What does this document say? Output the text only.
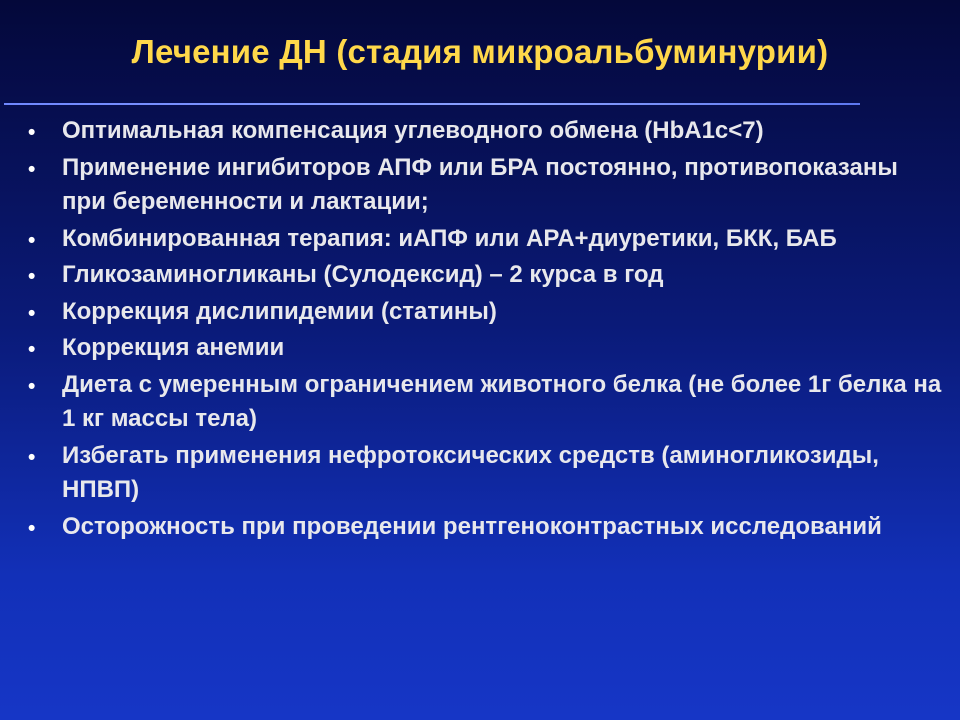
Лечение ДН (стадия микроальбуминурии)
• Оптимальная компенсация углеводного обмена (HbA1c<7)
• Применение ингибиторов АПФ или БРА постоянно, противопоказаны при беременности и лактации;
• Комбинированная терапия: иАПФ или АРА+диуретики, БКК, БАБ
• Гликозаминогликаны (Сулодексид) – 2 курса в год
• Коррекция дислипидемии (статины)
• Коррекция анемии
• Диета с умеренным ограничением животного белка (не более 1г белка на 1 кг массы тела)
• Избегать применения нефротоксических средств (аминогликозиды, НПВП)
• Осторожность при проведении рентгеноконтрастных исследований
